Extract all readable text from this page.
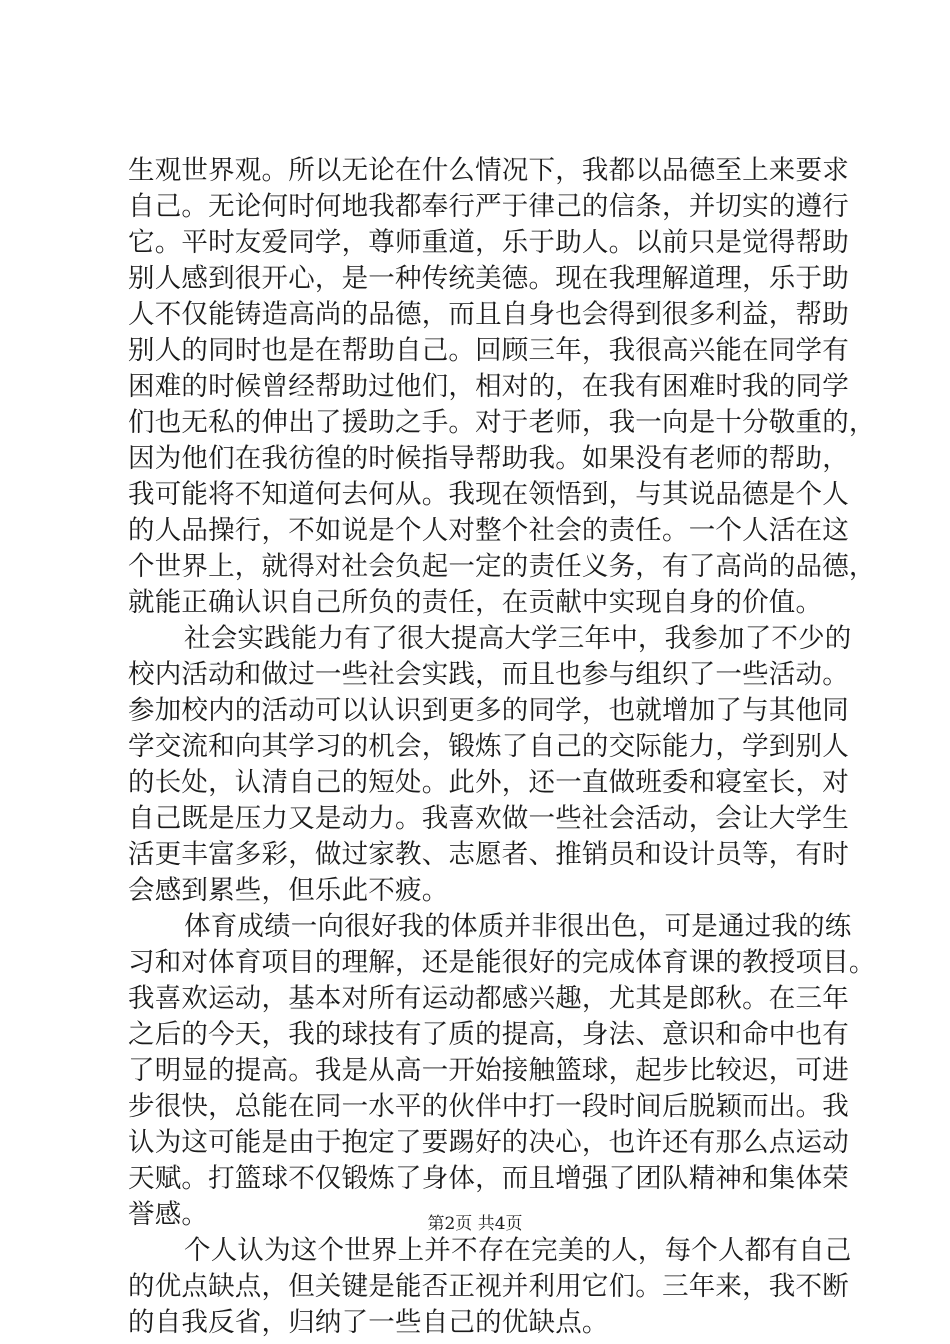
生观世界观。所以无论在什么情况下，我都以品德至上来要求
自己。无论何时何地我都奉行严于律己的信条，并切实的遵行
它。平时友爱同学，尊师重道，乐于助人。以前只是觉得帮助
别人感到很开心，是一种传统美德。现在我理解道理，乐于助
人不仅能铸造高尚的品德，而且自身也会得到很多利益，帮助
别人的同时也是在帮助自己。回顾三年，我很高兴能在同学有
困难的时候曾经帮助过他们，相对的，在我有困难时我的同学
们也无私的伸出了援助之手。对于老师，我一向是十分敬重的，
因为他们在我彷徨的时候指导帮助我。如果没有老师的帮助，
我可能将不知道何去何从。我现在领悟到，与其说品德是个人
的人品操行，不如说是个人对整个社会的责任。一个人活在这
个世界上，就得对社会负起一定的责任义务，有了高尚的品德，
就能正确认识自己所负的责任，在贡献中实现自身的价值。
社会实践能力有了很大提高大学三年中，我参加了不少的
校内活动和做过一些社会实践，而且也参与组织了一些活动。
参加校内的活动可以认识到更多的同学，也就增加了与其他同
学交流和向其学习的机会，锻炼了自己的交际能力，学到别人
的长处，认清自己的短处。此外，还一直做班委和寝室长，对
自己既是压力又是动力。我喜欢做一些社会活动，会让大学生
活更丰富多彩，做过家教、志愿者、推销员和设计员等，有时
会感到累些，但乐此不疲。
体育成绩一向很好我的体质并非很出色，可是通过我的练
习和对体育项目的理解，还是能很好的完成体育课的教授项目。
我喜欢运动，基本对所有运动都感兴趣，尤其是郎秋。在三年
之后的今天，我的球技有了质的提高，身法、意识和命中也有
了明显的提高。我是从高一开始接触篮球，起步比较迟，可进
步很快，总能在同一水平的伙伴中打一段时间后脱颖而出。我
认为这可能是由于抱定了要踢好的决心，也许还有那么点运动
天赋。打篮球不仅锻炼了身体，而且增强了团队精神和集体荣
誉感。
个人认为这个世界上并不存在完美的人，每个人都有自己
的优点缺点，但关键是能否正视并利用它们。三年来，我不断
的自我反省，归纳了一些自己的优缺点。
第2页 共4页
